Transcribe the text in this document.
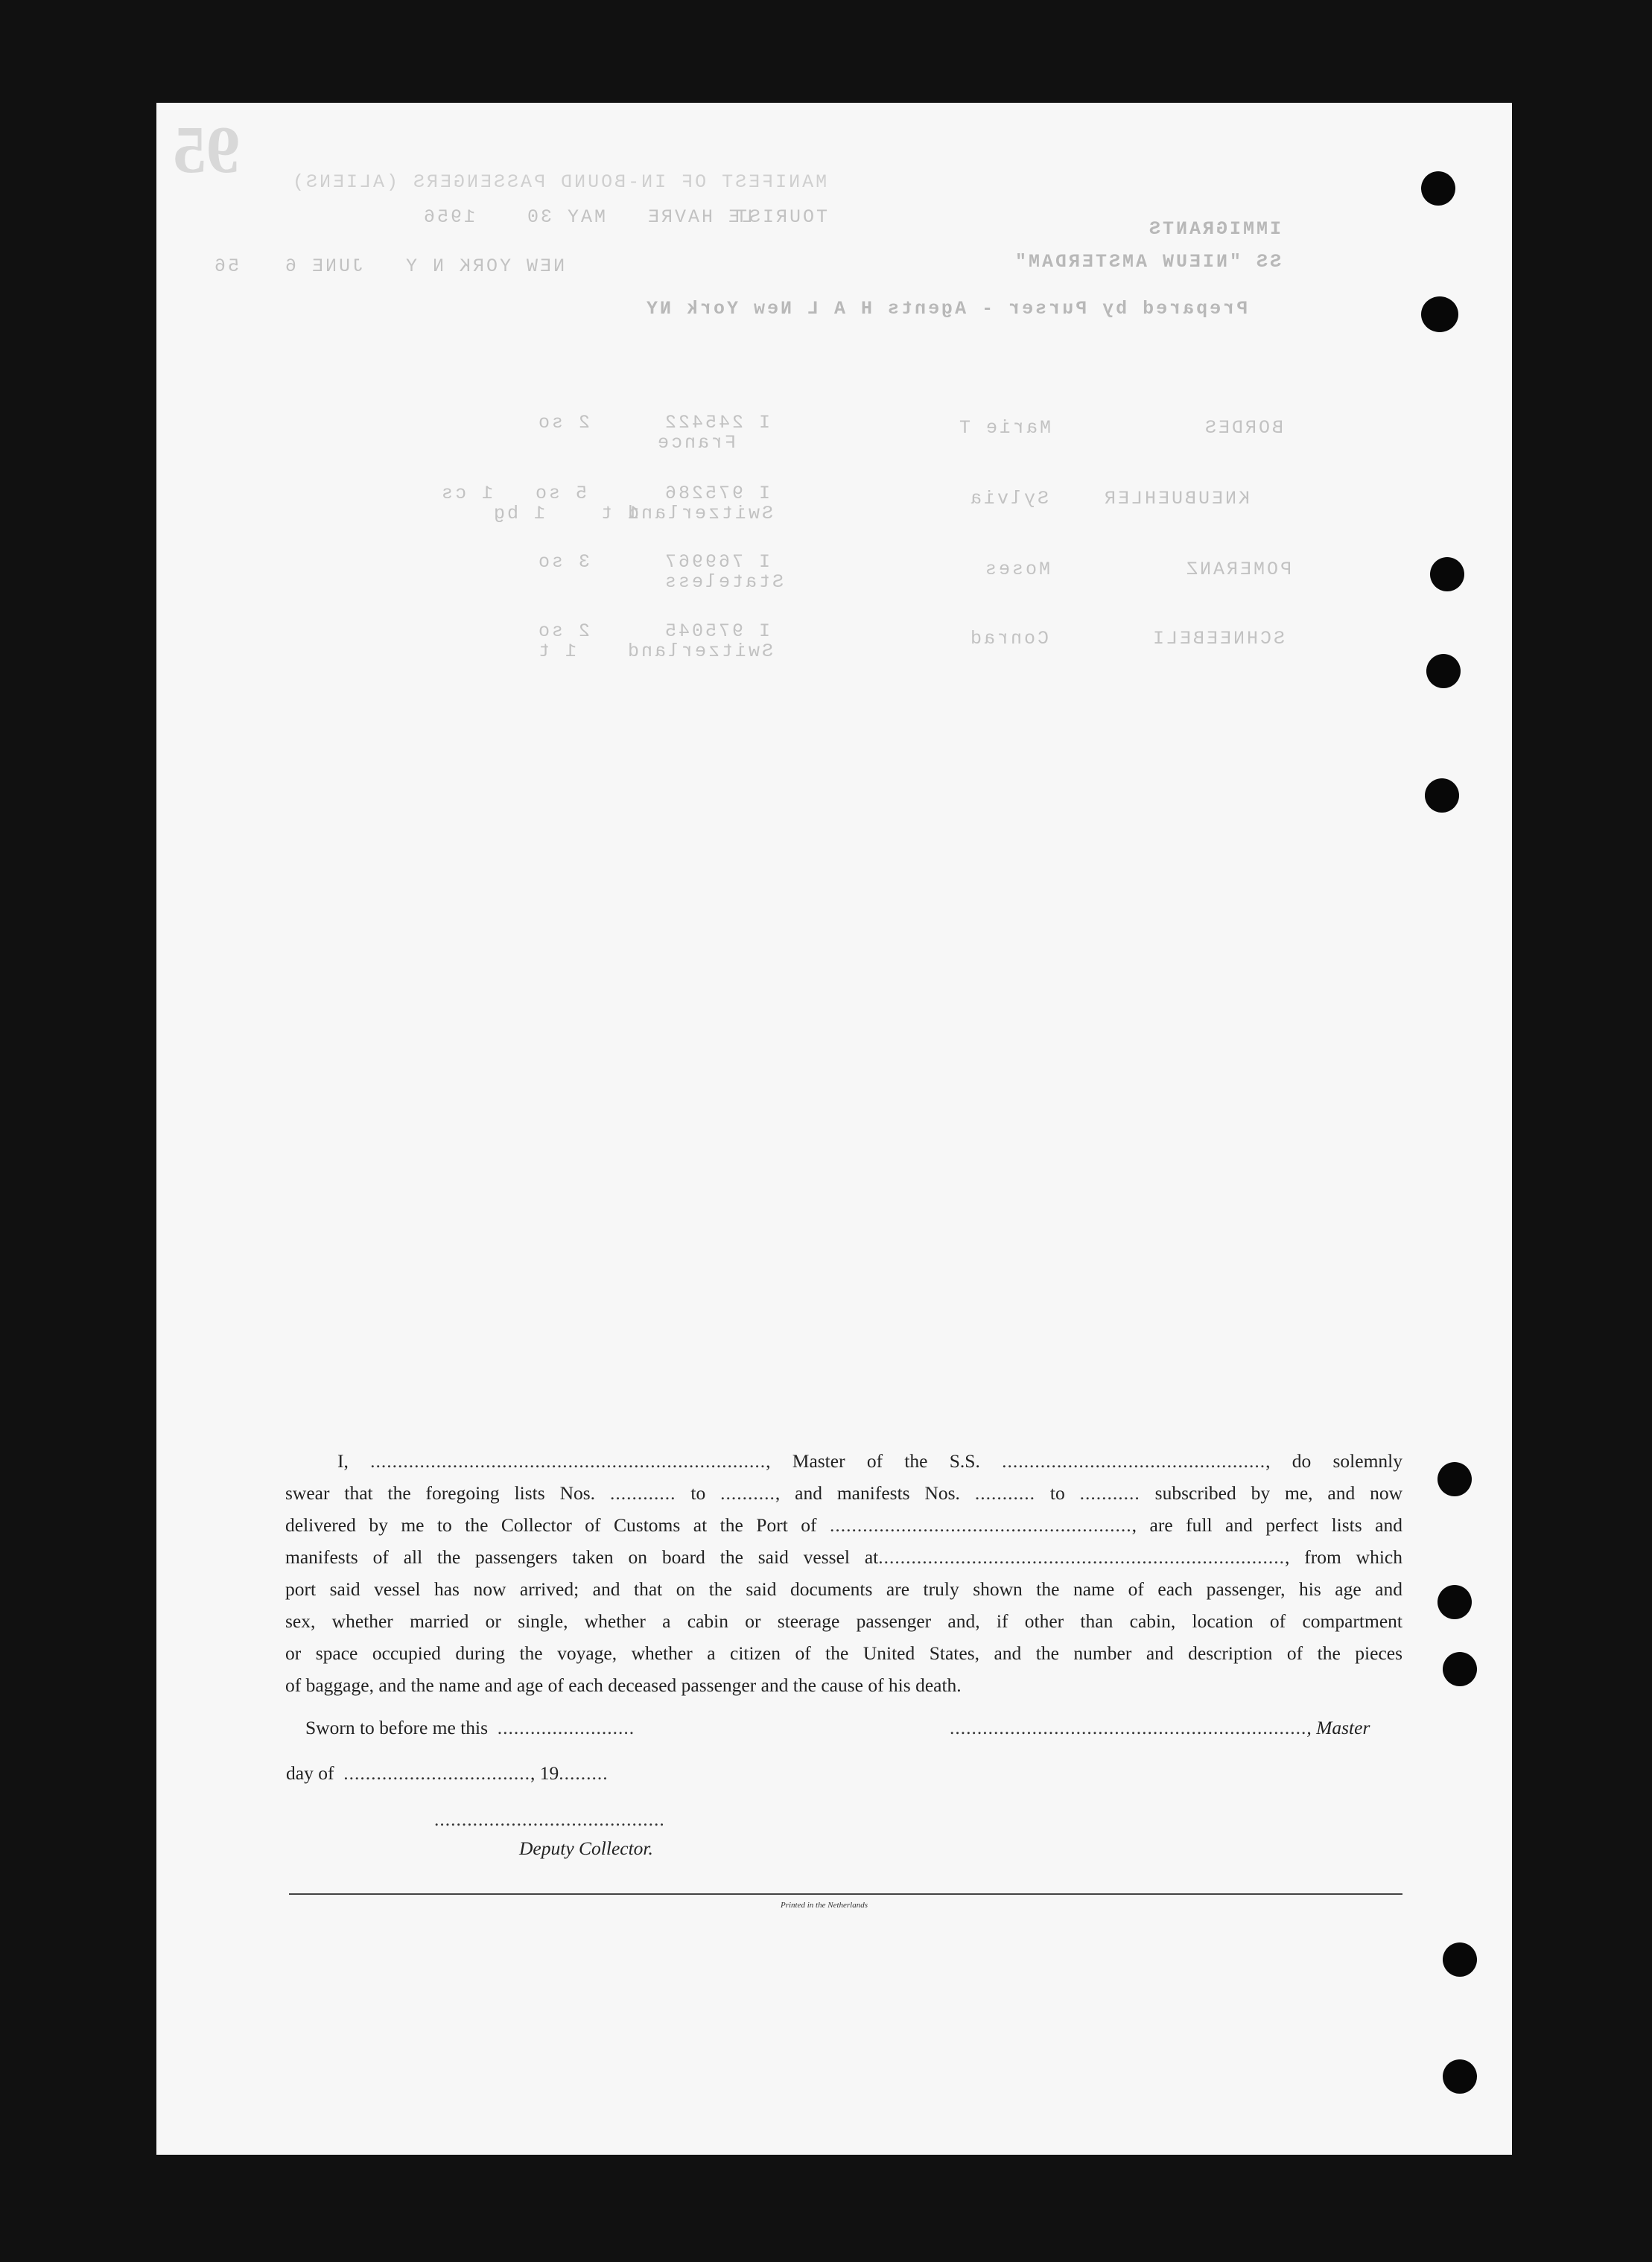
95	MANIFEST OF IN-BOUND PASSENGERS (ALIENS)
TOURIST
LE HAVRE   MAY 30
1956
IMMIGRANTS
SS "NIEUW AMSTERDAM"
NEW YORK N Y   JUNE 6
56
Prepared by Purser - Agents H A L New York NY
BORDES
Marie T
I 245422
France
2 so
KNEUBUEHLER
Sylvia
I 975286
Switzerland
5 so   1 cs
1 t    1 bg
POMERANZ
Moses
I 769967
Stateless
3 so
SCHNEEBELI
Conrad
I 975045
Switzerland
2 so
1 t

I, ........................................................................, Master of the S.S. ................................................, do solemnly
swear that the foregoing lists Nos. ............ to .........., and manifests Nos. ........... to ........... subscribed by me, and now
delivered by me to the Collector of Customs at the Port of ......................................................., are full and perfect lists and
manifests of all the passengers taken on board the said vessel at.........................................................................., from which
port said vessel has now arrived; and that on the said documents are truly shown the name of each passenger, his age and
sex, whether married or single, whether a cabin or steerage passenger and, if other than cabin, location of compartment
or space occupied during the voyage, whether a citizen of the United States, and the number and description of the pieces
of baggage, and the name and age of each deceased passenger and the cause of his death.

Sworn to before me this .........................	................................................................., Master
day of .................................., 19.........
..........................................
Deputy Collector.
Printed in the Netherlands
